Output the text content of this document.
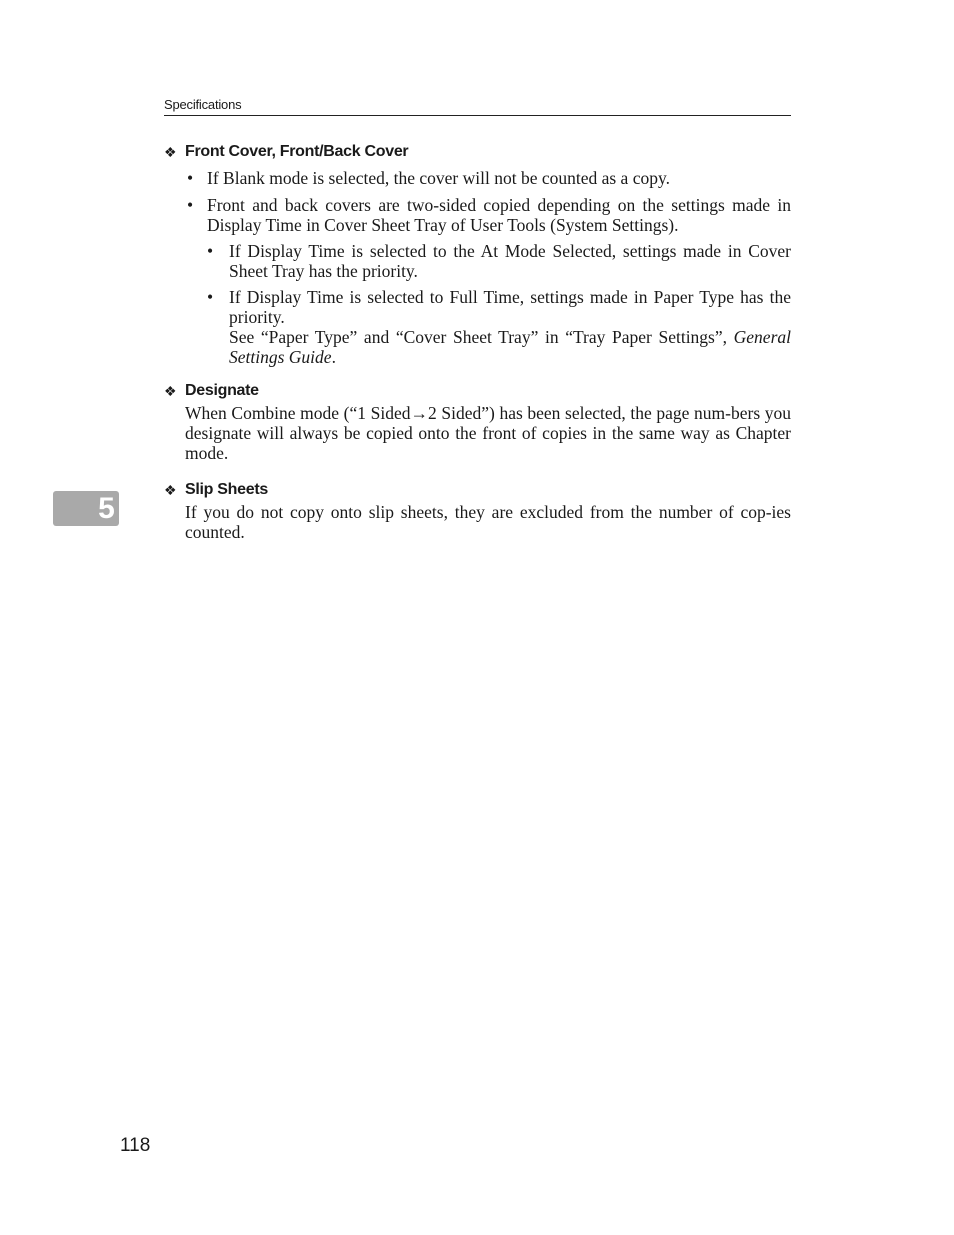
Specifications
❖ Front Cover, Front/Back Cover
• If Blank mode is selected, the cover will not be counted as a copy.
• Front and back covers are two-sided copied depending on the settings made in Display Time in Cover Sheet Tray of User Tools (System Settings).
• If Display Time is selected to the At Mode Selected, settings made in Cover Sheet Tray has the priority.
• If Display Time is selected to Full Time, settings made in Paper Type has the priority.
See “Paper Type” and “Cover Sheet Tray” in “Tray Paper Settings”, General Settings Guide.
❖ Designate

When Combine mode (“1 Sided→2 Sided”) has been selected, the page num-bers you designate will always be copied onto the front of copies in the same way as Chapter mode.

❖ Slip Sheets

If you do not copy onto slip sheets, they are excluded from the number of cop-ies counted.

5
118
